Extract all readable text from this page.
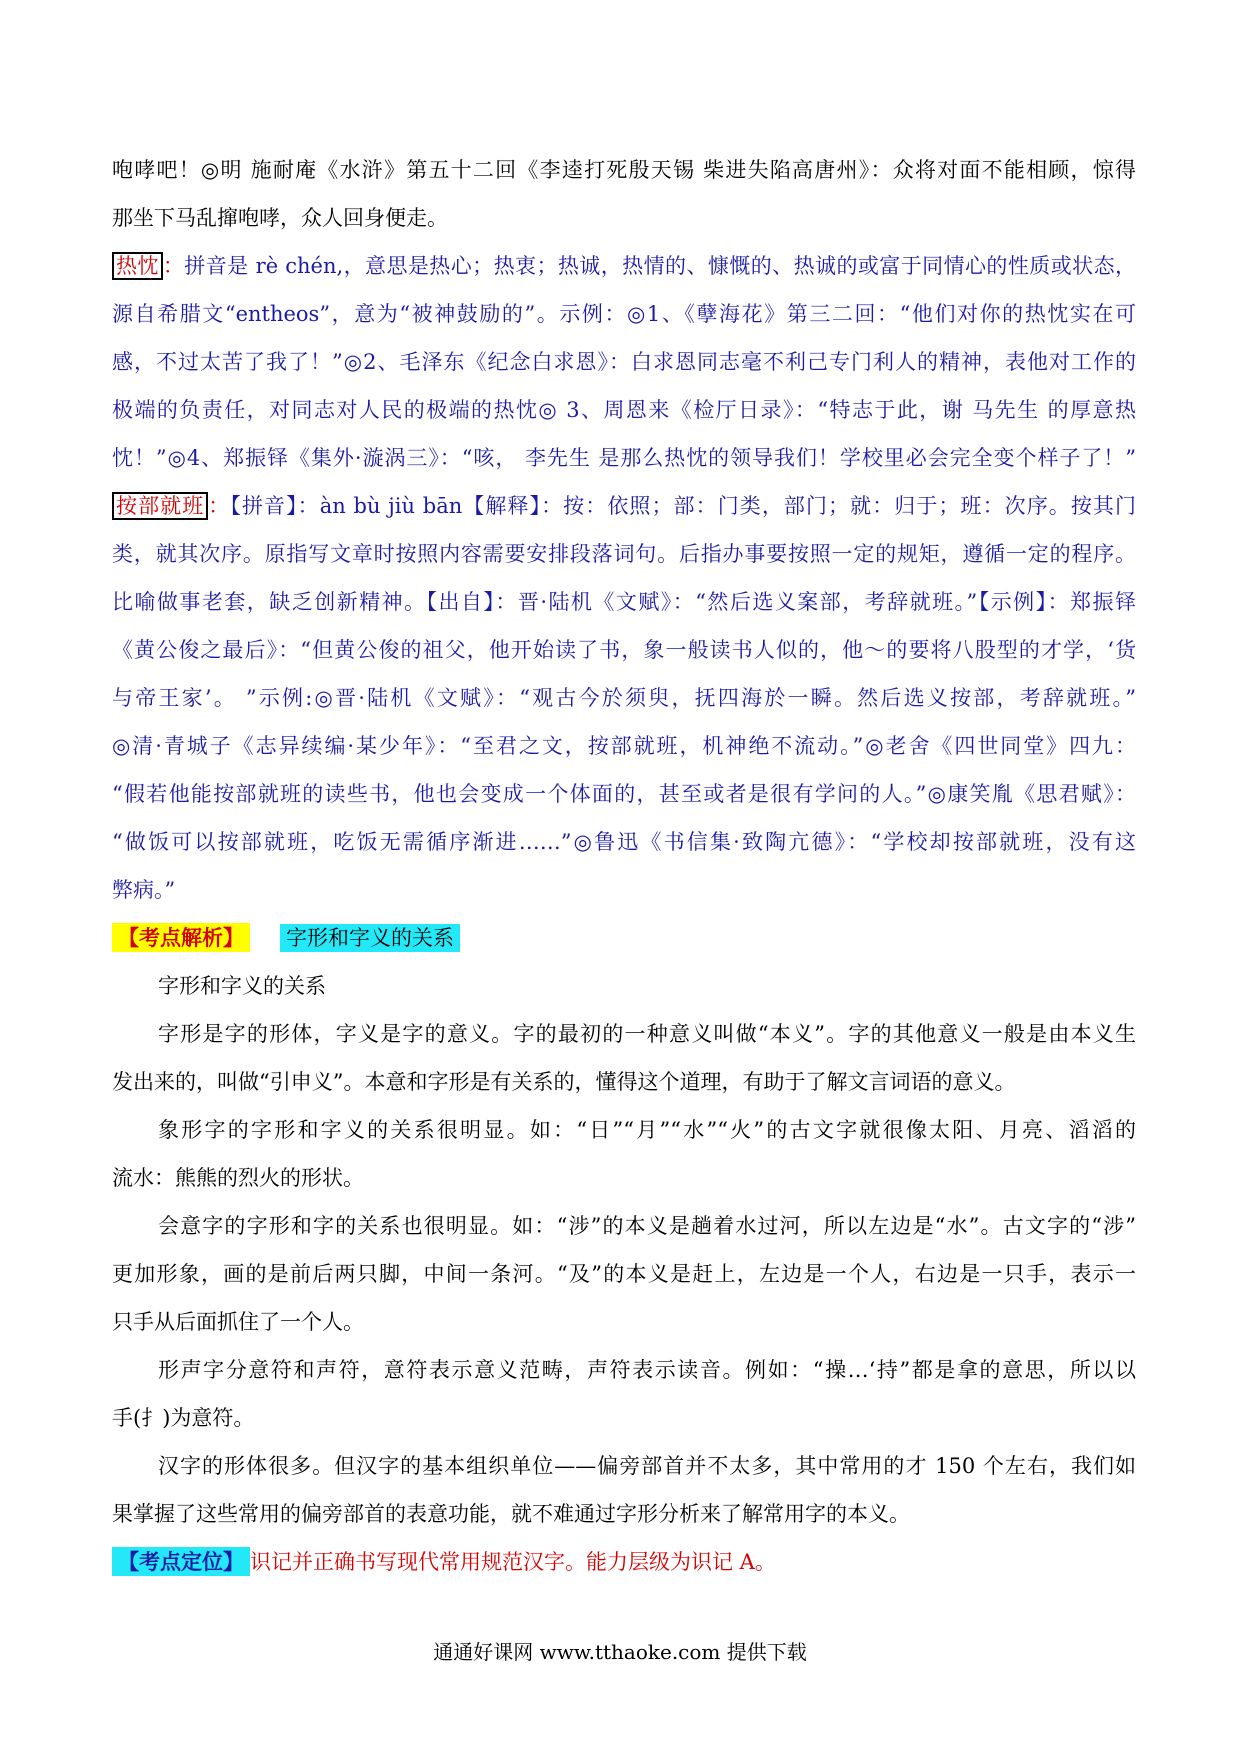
咆哮吧！◎明 施耐庵《水浒》第五十二回《李逵打死殷天锡 柴进失陷高唐州》：众将对面不能相顾，惊得
那坐下马乱撺咆哮，众人回身便走。
热忱 ：拼音是 rè chén,，意思是热心；热衷；热诚，热情的、慷慨的、热诚的或富于同情心的性质或状态，
源自希腊文“entheos”，意为“被神鼓励的”。示例：◎1、《孽海花》第三二回：“他们对你的热忱实在可
感，不过太苦了我了！”◎2、毛泽东《纪念白求恩》：白求恩同志毫不利己专门利人的精神，表他对工作的
极端的负责任，对同志对人民的极端的热忱◎ 3、周恩来《检厅日录》：“特志于此，谢 马先生 的厚意热
忱！”◎4、郑振铎《集外·漩涡三》：“咳， 李先生 是那么热忱的领导我们！学校里必会完全变个样子了！”
按部就班 ：【拼音】：àn bù jiù bān【解释】：按：依照；部：门类，部门；就：归于；班：次序。按其门
类，就其次序。原指写文章时按照内容需要安排段落词句。后指办事要按照一定的规矩，遵循一定的程序。
比喻做事老套，缺乏创新精神。【出自】：晋·陆机《文赋》：“然后选义案部，考辞就班。”【示例】：郑振铎
《黄公俊之最后》：“但黄公俊的祖父，他开始读了书，象一般读书人似的，他～的要将八股型的才学，‘货
与帝王家’。 ”示例:◎晋·陆机《文赋》：“观古今於须臾，抚四海於一瞬。然后选义按部，考辞就班。”
◎清·青城子《志异续编·某少年》：“至君之文，按部就班，机神绝不流动。”◎老舍《四世同堂》四九：
“假若他能按部就班的读些书，他也会变成一个体面的，甚至或者是很有学问的人。”◎康笑胤《思君赋》：
“做饭可以按部就班，吃饭无需循序渐进……”◎鲁迅《书信集·致陶亢德》：“学校却按部就班，没有这
弊病。”
【考点解析】 字形和字义的关系
字形和字义的关系
字形是字的形体，字义是字的意义。字的最初的一种意义叫做“本义”。字的其他意义一般是由本义生
发出来的，叫做“引申义”。本意和字形是有关系的，懂得这个道理，有助于了解文言词语的意义。
象形字的字形和字义的关系很明显。如：“日”“月”“水”“火”的古文字就很像太阳、月亮、滔滔的
流水：熊熊的烈火的形状。
会意字的字形和字的关系也很明显。如：“涉”的本义是趟着水过河，所以左边是“水”。古文字的“涉”
更加形象，画的是前后两只脚，中间一条河。“及”的本义是赶上，左边是一个人，右边是一只手，表示一
只手从后面抓住了一个人。
形声字分意符和声符，意符表示意义范畴，声符表示读音。例如：“操…‘持”都是拿的意思，所以以
手(扌)为意符。
汉字的形体很多。但汉字的基本组织单位——偏旁部首并不太多，其中常用的才 150 个左右，我们如
果掌握了这些常用的偏旁部首的表意功能，就不难通过字形分析来了解常用字的本义。
【考点定位】 识记并正确书写现代常用规范汉字。能力层级为识记 A。
通通好课网 www.tthaoke.com 提供下载
